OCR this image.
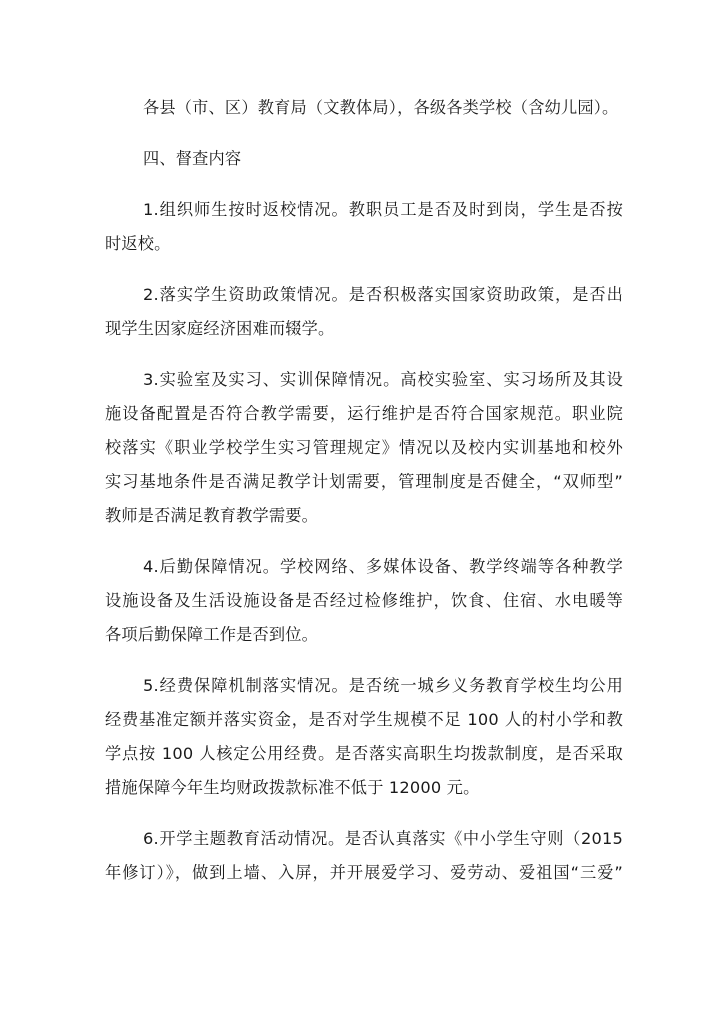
各县（市、区）教育局（文教体局），各级各类学校（含幼儿园）。
四、督查内容
1.组织师生按时返校情况。教职员工是否及时到岗，学生是否按
时返校。
2.落实学生资助政策情况。是否积极落实国家资助政策，是否出
现学生因家庭经济困难而辍学。
3.实验室及实习、实训保障情况。高校实验室、实习场所及其设
施设备配置是否符合教学需要，运行维护是否符合国家规范。职业院
校落实《职业学校学生实习管理规定》情况以及校内实训基地和校外
实习基地条件是否满足教学计划需要，管理制度是否健全，“双师型”
教师是否满足教育教学需要。
4.后勤保障情况。学校网络、多媒体设备、教学终端等各种教学
设施设备及生活设施设备是否经过检修维护，饮食、住宿、水电暖等
各项后勤保障工作是否到位。
5.经费保障机制落实情况。是否统一城乡义务教育学校生均公用
经费基准定额并落实资金，是否对学生规模不足 100 人的村小学和教
学点按 100 人核定公用经费。是否落实高职生均拨款制度，是否采取
措施保障今年生均财政拨款标准不低于 12000 元。
6.开学主题教育活动情况。是否认真落实《中小学生守则（2015
年修订）》，做到上墙、入屏，并开展爱学习、爱劳动、爱祖国“三爱”
